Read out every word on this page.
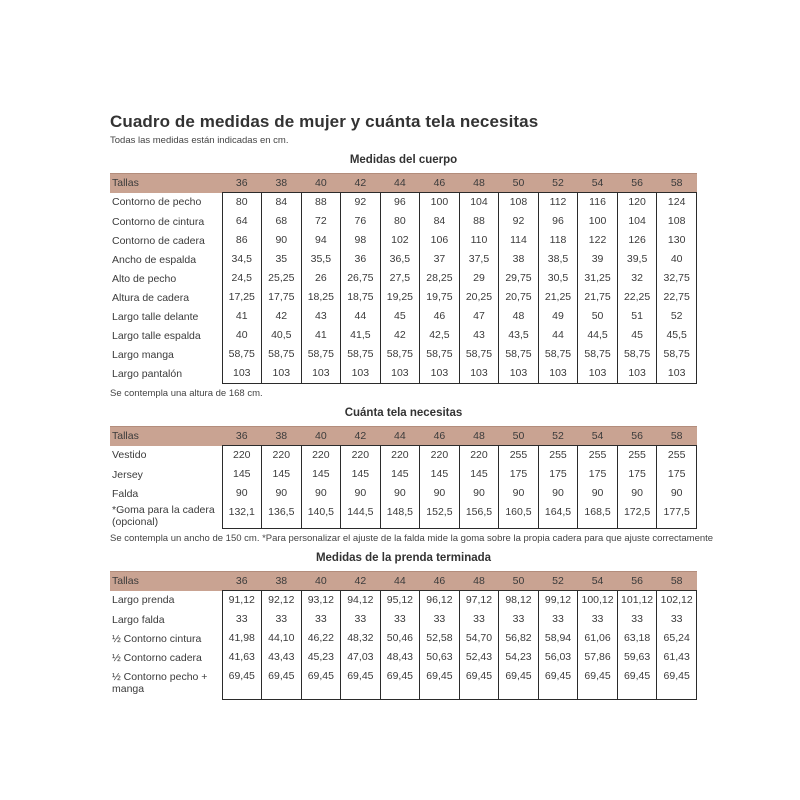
Cuadro de medidas de mujer y cuánta tela necesitas

Todas las medidas están indicadas en cm.

Medidas del cuerpo
Tallas	36	38	40	42	44	46	48	50	52	54	56	58
Contorno de pecho	80	84	88	92	96	100	104	108	112	116	120	124
Contorno de cintura	64	68	72	76	80	84	88	92	96	100	104	108
Contorno de cadera	86	90	94	98	102	106	110	114	118	122	126	130
Ancho de espalda	34,5	35	35,5	36	36,5	37	37,5	38	38,5	39	39,5	40
Alto de pecho	24,5	25,25	26	26,75	27,5	28,25	29	29,75	30,5	31,25	32	32,75
Altura de cadera	17,25	17,75	18,25	18,75	19,25	19,75	20,25	20,75	21,25	21,75	22,25	22,75
Largo talle delante	41	42	43	44	45	46	47	48	49	50	51	52
Largo talle espalda	40	40,5	41	41,5	42	42,5	43	43,5	44	44,5	45	45,5
Largo manga	58,75	58,75	58,75	58,75	58,75	58,75	58,75	58,75	58,75	58,75	58,75	58,75
Largo pantalón	103	103	103	103	103	103	103	103	103	103	103	103

Se contempla una altura de 168 cm.

Cuánta tela necesitas
Tallas	36	38	40	42	44	46	48	50	52	54	56	58
Vestido	220	220	220	220	220	220	220	255	255	255	255	255
Jersey	145	145	145	145	145	145	145	175	175	175	175	175
Falda	90	90	90	90	90	90	90	90	90	90	90	90
*Goma para la cadera (opcional)	132,1	136,5	140,5	144,5	148,5	152,5	156,5	160,5	164,5	168,5	172,5	177,5

Se contempla un ancho de 150 cm. *Para personalizar el ajuste de la falda mide la goma sobre la propia cadera para que ajuste correctamente

Medidas de la prenda terminada
Tallas	36	38	40	42	44	46	48	50	52	54	56	58
Largo prenda	91,12	92,12	93,12	94,12	95,12	96,12	97,12	98,12	99,12	100,12	101,12	102,12
Largo falda	33	33	33	33	33	33	33	33	33	33	33	33
½ Contorno cintura	41,98	44,10	46,22	48,32	50,46	52,58	54,70	56,82	58,94	61,06	63,18	65,24
½ Contorno cadera	41,63	43,43	45,23	47,03	48,43	50,63	52,43	54,23	56,03	57,86	59,63	61,43
½ Contorno pecho + manga	69,45	69,45	69,45	69,45	69,45	69,45	69,45	69,45	69,45	69,45	69,45	69,45
